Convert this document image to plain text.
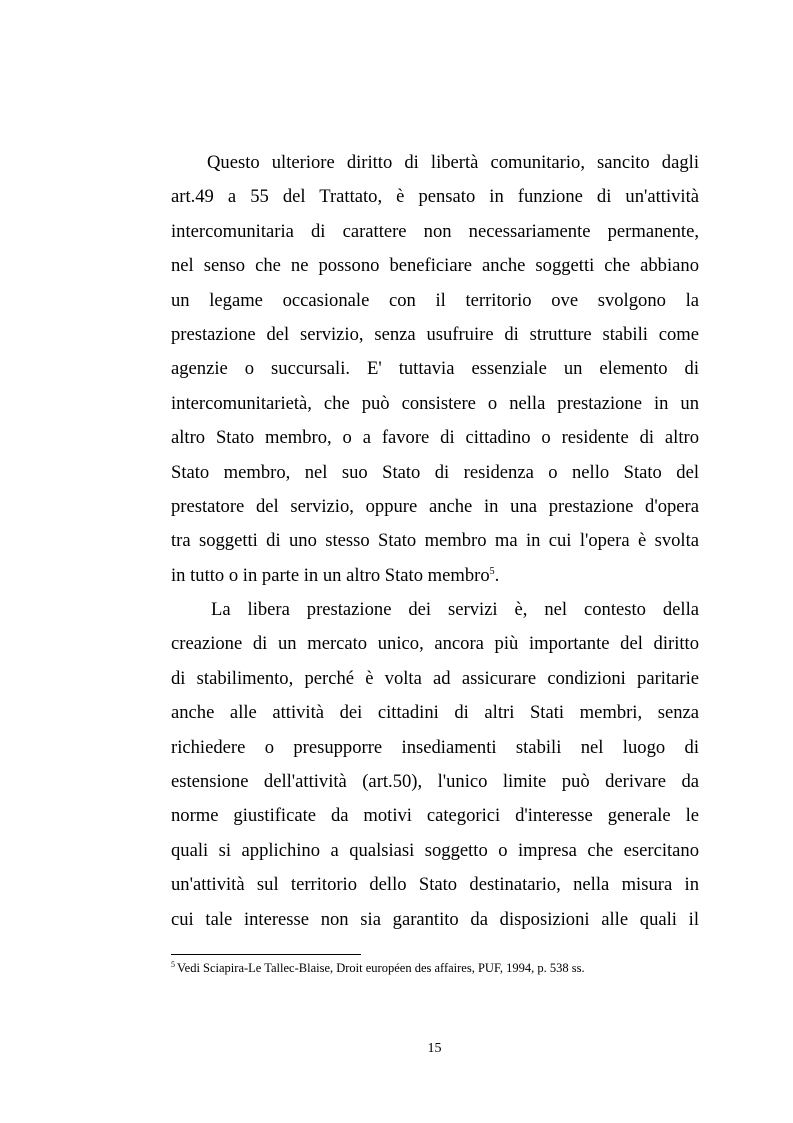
Questo ulteriore diritto di libertà comunitario, sancito dagli
art.49 a 55 del Trattato, è pensato in funzione di un'attività
intercomunitaria di carattere non necessariamente permanente,
nel senso che ne possono beneficiare anche soggetti che abbiano
un legame occasionale con il territorio ove svolgono la
prestazione del servizio, senza usufruire di strutture stabili come
agenzie o succursali. E' tuttavia essenziale un elemento di
intercomunitarietà, che può consistere o nella prestazione in un
altro Stato membro, o a favore di cittadino o residente di altro
Stato membro, nel suo Stato di residenza o nello Stato del
prestatore del servizio, oppure anche in una prestazione d'opera
tra soggetti di uno stesso Stato membro ma in cui l'opera è svolta
in tutto o in parte in un altro Stato membro$^5$.
La libera prestazione dei servizi è, nel contesto della
creazione di un mercato unico, ancora più importante del diritto
di stabilimento, perché è volta ad assicurare condizioni paritarie
anche alle attività dei cittadini di altri Stati membri, senza
richiedere o presupporre insediamenti stabili nel luogo di
estensione dell'attività (art.50), l'unico limite può derivare da
norme giustificate da motivi categorici d'interesse generale le
quali si applichino a qualsiasi soggetto o impresa che esercitano
un'attività sul territorio dello Stato destinatario, nella misura in
cui tale interesse non sia garantito da disposizioni alle quali il
$^5$ Vedi Sciapira-Le Tallec-Blaise, Droit européen des affaires, PUF, 1994, p. 538 ss.
15
